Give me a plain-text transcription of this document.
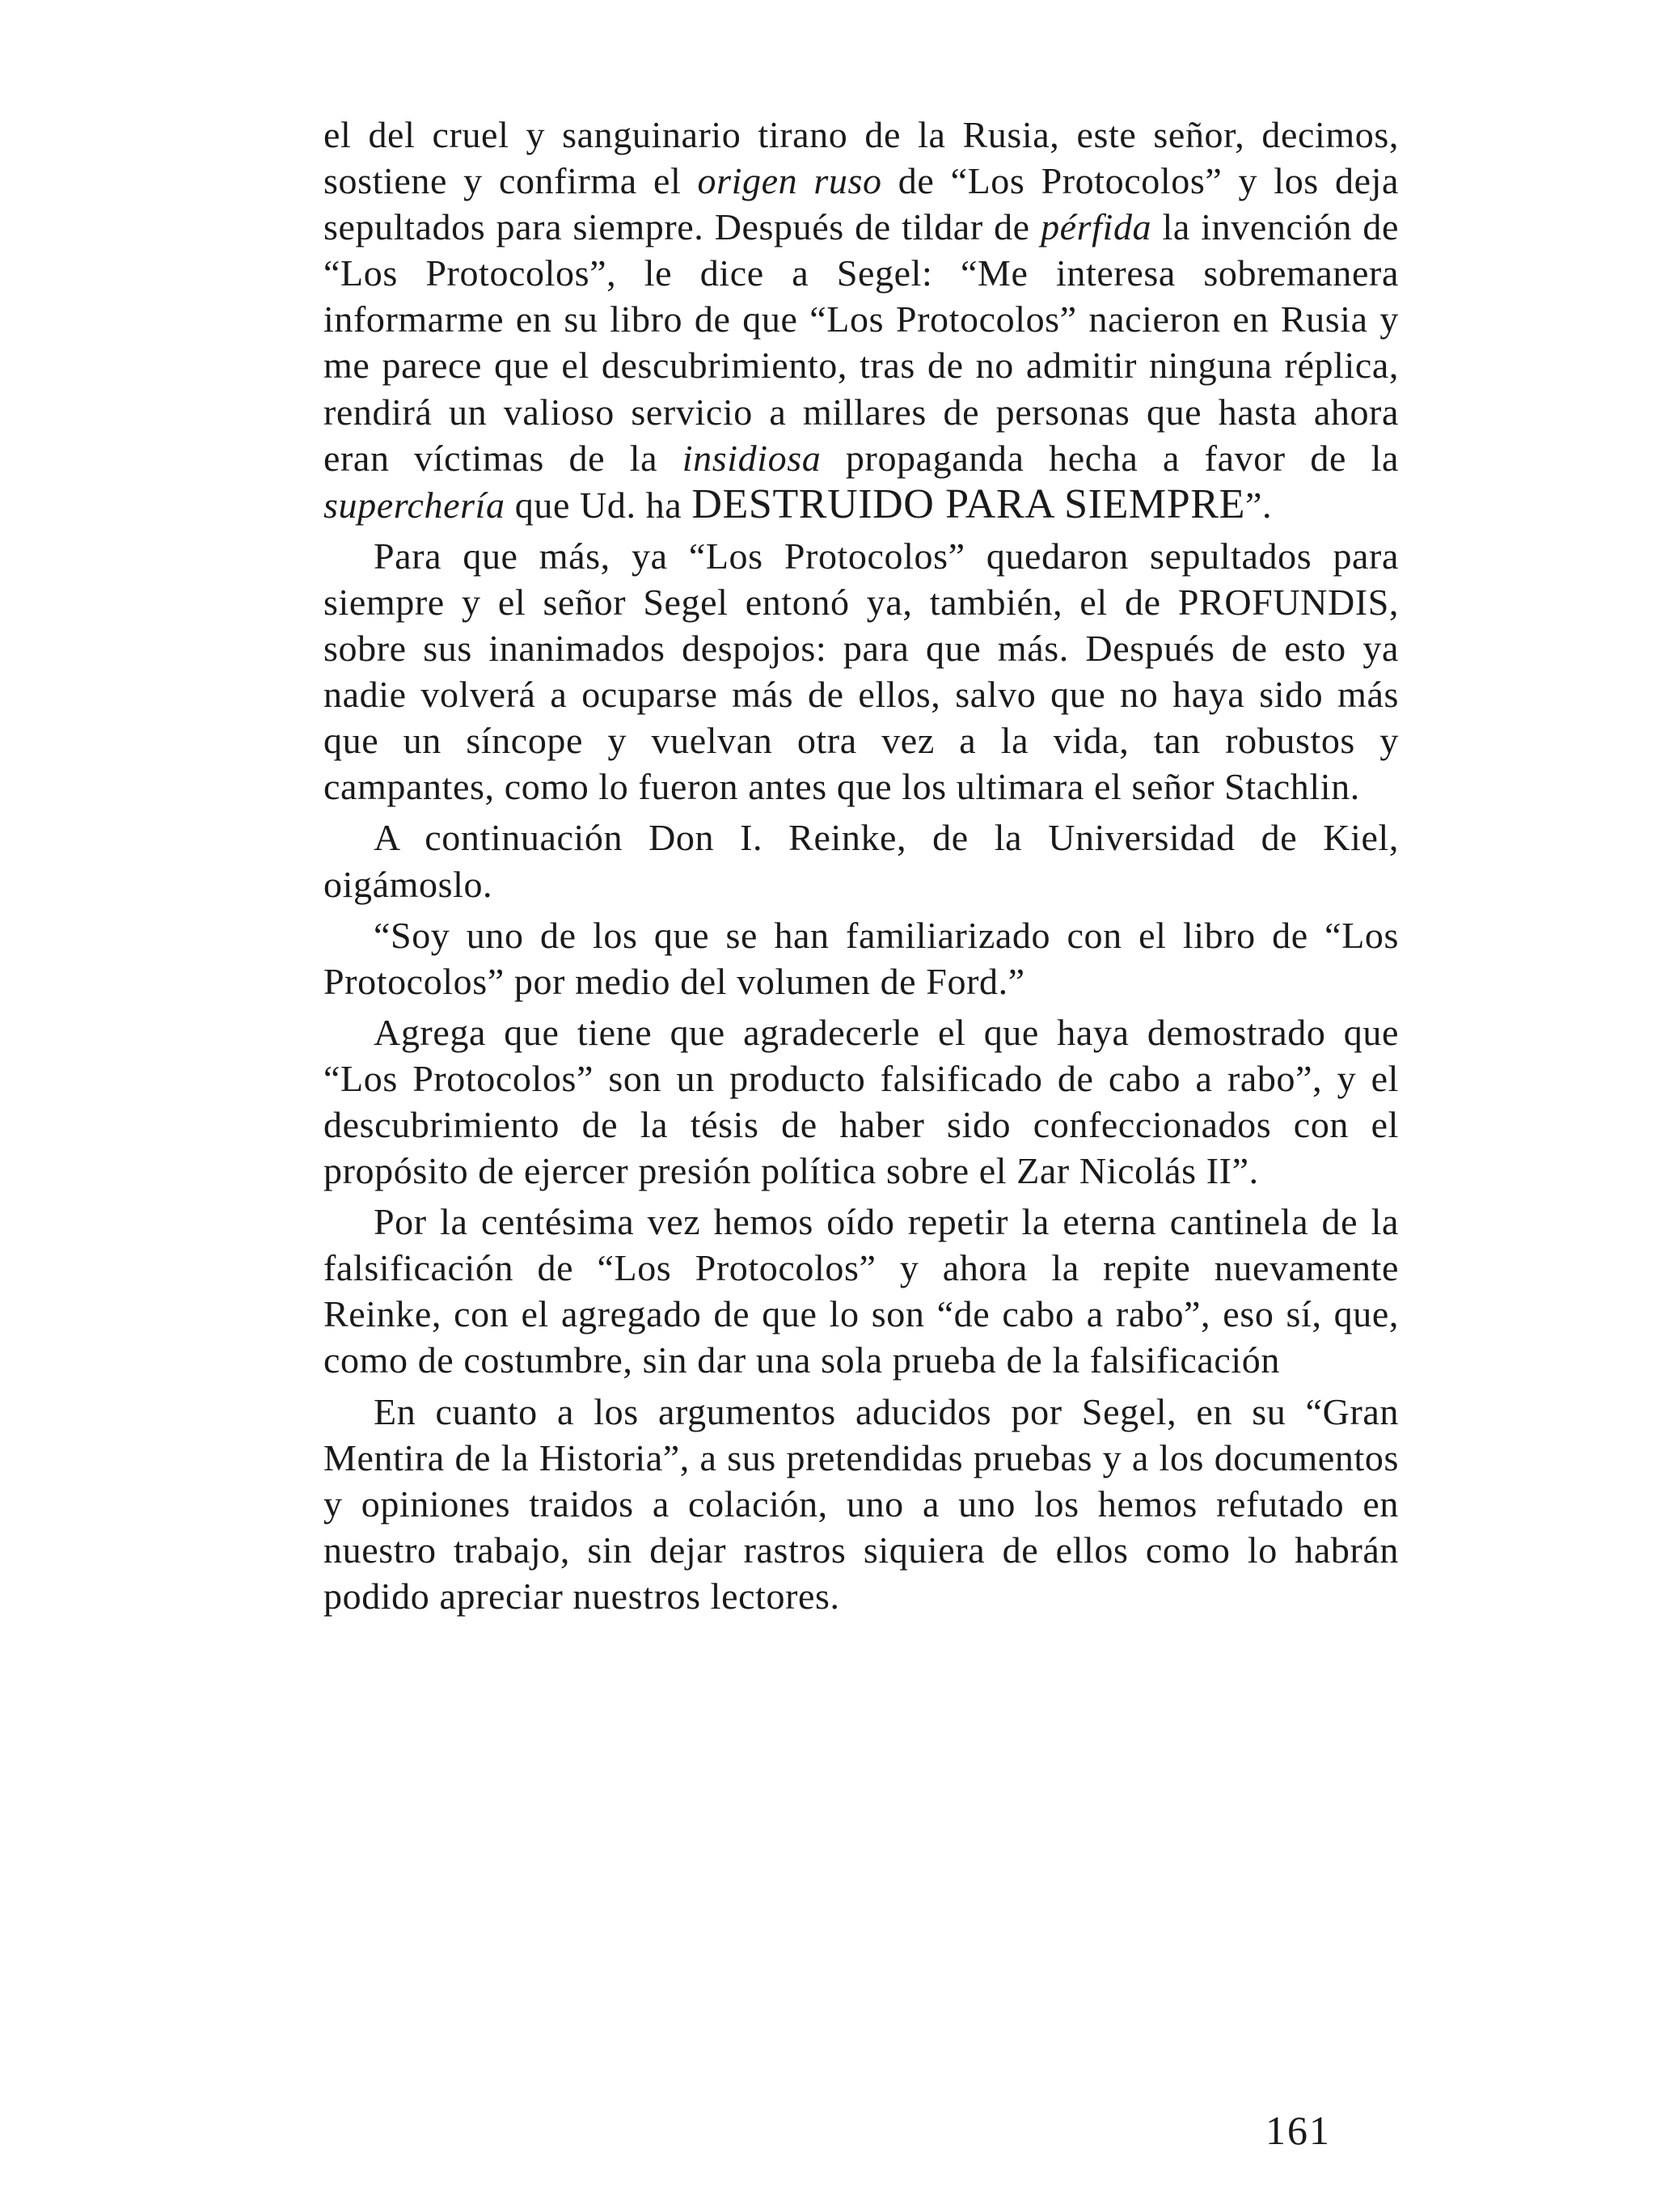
el del cruel y sanguinario tirano de la Rusia, este señor, decimos, sostiene y confirma el origen ruso de “Los Protocolos” y los deja sepultados para siempre. Después de tildar de pérfida la invención de “Los Protocolos”, le dice a Segel: “Me interesa sobremanera informarme en su libro de que “Los Protocolos” nacieron en Rusia y me parece que el descubrimiento, tras de no admitir ninguna réplica, rendirá un valioso servicio a millares de personas que hasta ahora eran víctimas de la insidiosa propaganda hecha a favor de la superchería que Ud. ha DESTRUIDO PARA SIEMPRE”.

Para que más, ya “Los Protocolos” quedaron sepultados para siempre y el señor Segel entonó ya, también, el de PROFUNDIS, sobre sus inanimados despojos: para que más. Después de esto ya nadie volverá a ocuparse más de ellos, salvo que no haya sido más que un síncope y vuelvan otra vez a la vida, tan robustos y campantes, como lo fueron antes que los ultimara el señor Stachlin.

A continuación Don I. Reinke, de la Universidad de Kiel, oigámoslo.

“Soy uno de los que se han familiarizado con el libro de “Los Protocolos” por medio del volumen de Ford.”

Agrega que tiene que agradecerle el que haya demostrado que “Los Protocolos” son un producto falsificado de cabo a rabo”, y el descubrimiento de la tésis de haber sido confeccionados con el propósito de ejercer presión política sobre el Zar Nicolás II”.

Por la centésima vez hemos oído repetir la eterna cantinela de la falsificación de “Los Protocolos” y ahora la repite nuevamente Reinke, con el agregado de que lo son “de cabo a rabo”, eso sí, que, como de costumbre, sin dar una sola prueba de la falsificación

En cuanto a los argumentos aducidos por Segel, en su “Gran Mentira de la Historia”, a sus pretendidas pruebas y a los documentos y opiniones traidos a colación, uno a uno los hemos refutado en nuestro trabajo, sin dejar rastros siquiera de ellos como lo habrán podido apreciar nuestros lectores.

161
